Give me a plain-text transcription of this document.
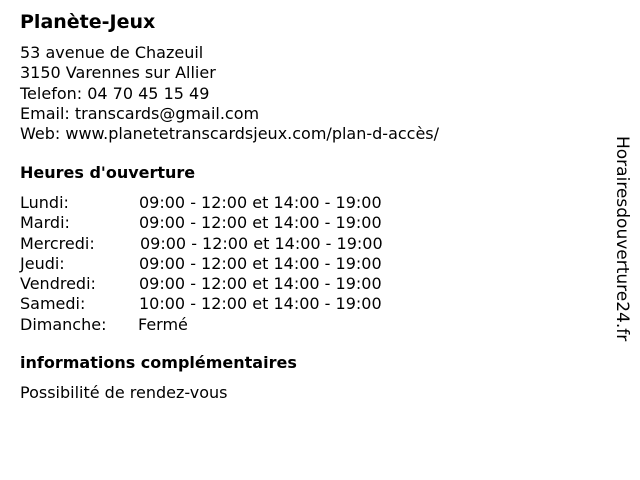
Planète-Jeux
53 avenue de Chazeuil
3150 Varennes sur Allier
Telefon: 04 70 45 15 49
Email: transcards@gmail.com
Web: www.planetetranscardsjeux.com/plan-d-accès/
Heures d'ouverture
Lundi:	09:00 - 12:00 et 14:00 - 19:00
Mardi:	09:00 - 12:00 et 14:00 - 19:00
Mercredi:	09:00 - 12:00 et 14:00 - 19:00
Jeudi:	09:00 - 12:00 et 14:00 - 19:00
Vendredi:	09:00 - 12:00 et 14:00 - 19:00
Samedi:	10:00 - 12:00 et 14:00 - 19:00
Dimanche: Fermé
informations complémentaires
Possibilité de rendez-vous
Horairesdouverture24.fr
